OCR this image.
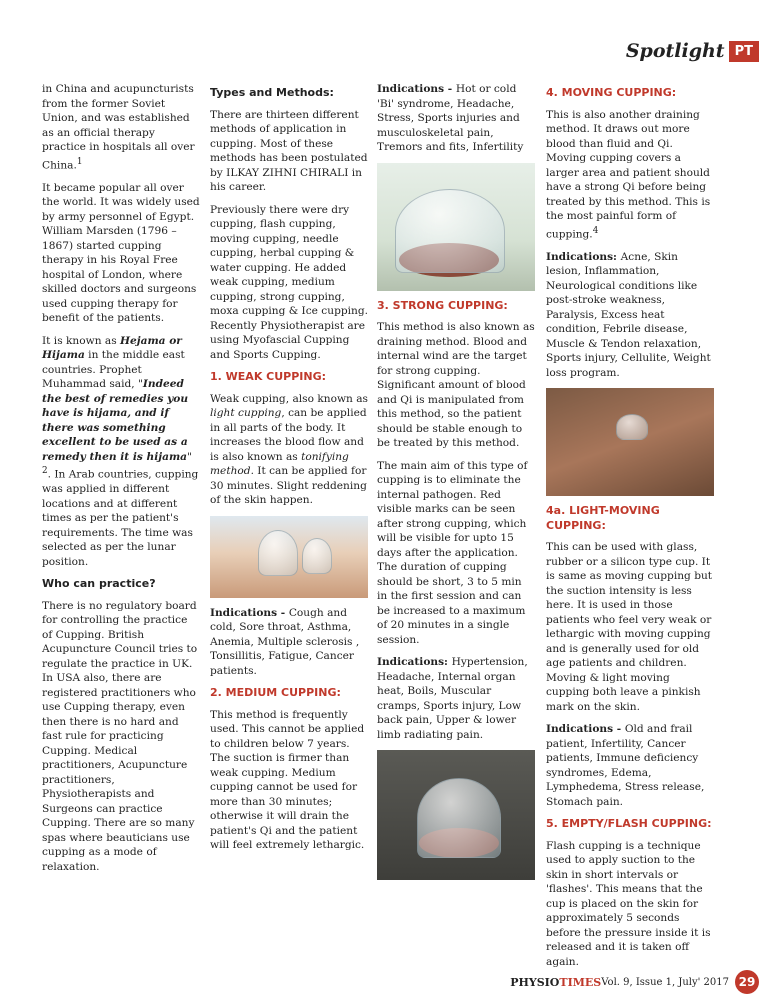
Spotlight PT

in China and acupuncturists from the former Soviet Union, and was established as an official therapy practice in hospitals all over China.$^1$

It became popular all over the world. It was widely used by army personnel of Egypt. William Marsden (1796 – 1867) started cupping therapy in his Royal Free hospital of London, where skilled doctors and surgeons used cupping therapy for benefit of the patients.

It is known as Hejama or Hijama in the middle east countries. Prophet Muhammad said, "Indeed the best of remedies you have is hijama, and if there was something excellent to be used as a remedy then it is hijama" $^2$. In Arab countries, cupping was applied in different locations and at different times as per the patient's requirements. The time was selected as per the lunar position.

Who can practice?

There is no regulatory board for controlling the practice of Cupping. British Acupuncture Council tries to regulate the practice in UK. In USA also, there are registered practitioners who use Cupping therapy, even then there is no hard and fast rule for practicing Cupping. Medical practitioners, Acupuncture practitioners, Physiotherapists and Surgeons can practice Cupping. There are so many spas where beauticians use cupping as a mode of relaxation.

Types and Methods:

There are thirteen different methods of application in cupping. Most of these methods has been postulated by ILKAY ZIHNI CHIRALI in his career.

Previously there were dry cupping, flash cupping, moving cupping, needle cupping, herbal cupping & water cupping. He added weak cupping, medium cupping, strong cupping, moxa cupping & Ice cupping. Recently Physiotherapist are using Myofascial Cupping and Sports Cupping.

1. WEAK CUPPING:

Weak cupping, also known as light cupping, can be applied in all parts of the body. It increases the blood flow and is also known as tonifying method. It can be applied for 30 minutes. Slight reddening of the skin happen.

Indications - Cough and cold, Sore throat, Asthma, Anemia, Multiple sclerosis , Tonsillitis, Fatigue, Cancer patients.

2. MEDIUM CUPPING:

This method is frequently used. This cannot be applied to children below 7 years. The suction is firmer than weak cupping. Medium cupping cannot be used for more than 30 minutes; otherwise it will drain the patient's Qi and the patient will feel extremely lethargic.

Indications - Hot or cold 'Bi' syndrome, Headache, Stress, Sports injuries and musculoskeletal pain, Tremors and fits, Infertility

3. STRONG CUPPING:

This method is also known as draining method. Blood and internal wind are the target for strong cupping. Significant amount of blood and Qi is manipulated from this method, so the patient should be stable enough to be treated by this method.

The main aim of this type of cupping is to eliminate the internal pathogen. Red visible marks can be seen after strong cupping, which will be visible for upto 15 days after the application. The duration of cupping should be short, 3 to 5 min in the first session and can be increased to a maximum of 20 minutes in a single session.

Indications: Hypertension, Headache, Internal organ heat, Boils, Muscular cramps, Sports injury, Low back pain, Upper & lower limb radiating pain.

4. MOVING CUPPING:

This is also another draining method. It draws out more blood than fluid and Qi. Moving cupping covers a larger area and patient should have a strong Qi before being treated by this method. This is the most painful form of cupping.$^4$

Indications: Acne, Skin lesion, Inflammation, Neurological conditions like post-stroke weakness, Paralysis, Excess heat condition, Febrile disease, Muscle & Tendon relaxation, Sports injury, Cellulite, Weight loss program.

4a. LIGHT-MOVING CUPPING:

This can be used with glass, rubber or a silicon type cup. It is same as moving cupping but the suction intensity is less here. It is used in those patients who feel very weak or lethargic with moving cupping and is generally used for old age patients and children. Moving & light moving cupping both leave a pinkish mark on the skin.

Indications - Old and frail patient, Infertility, Cancer patients, Immune deficiency syndromes, Edema, Lymphedema, Stress release, Stomach pain.

5. EMPTY/FLASH CUPPING:

Flash cupping is a technique used to apply suction to the skin in short intervals or 'flashes'. This means that the cup is placed on the skin for approximately 5 seconds before the pressure inside it is released and it is taken off again.

PHYSIOTIMES Vol. 9, Issue 1, July' 2017 29
